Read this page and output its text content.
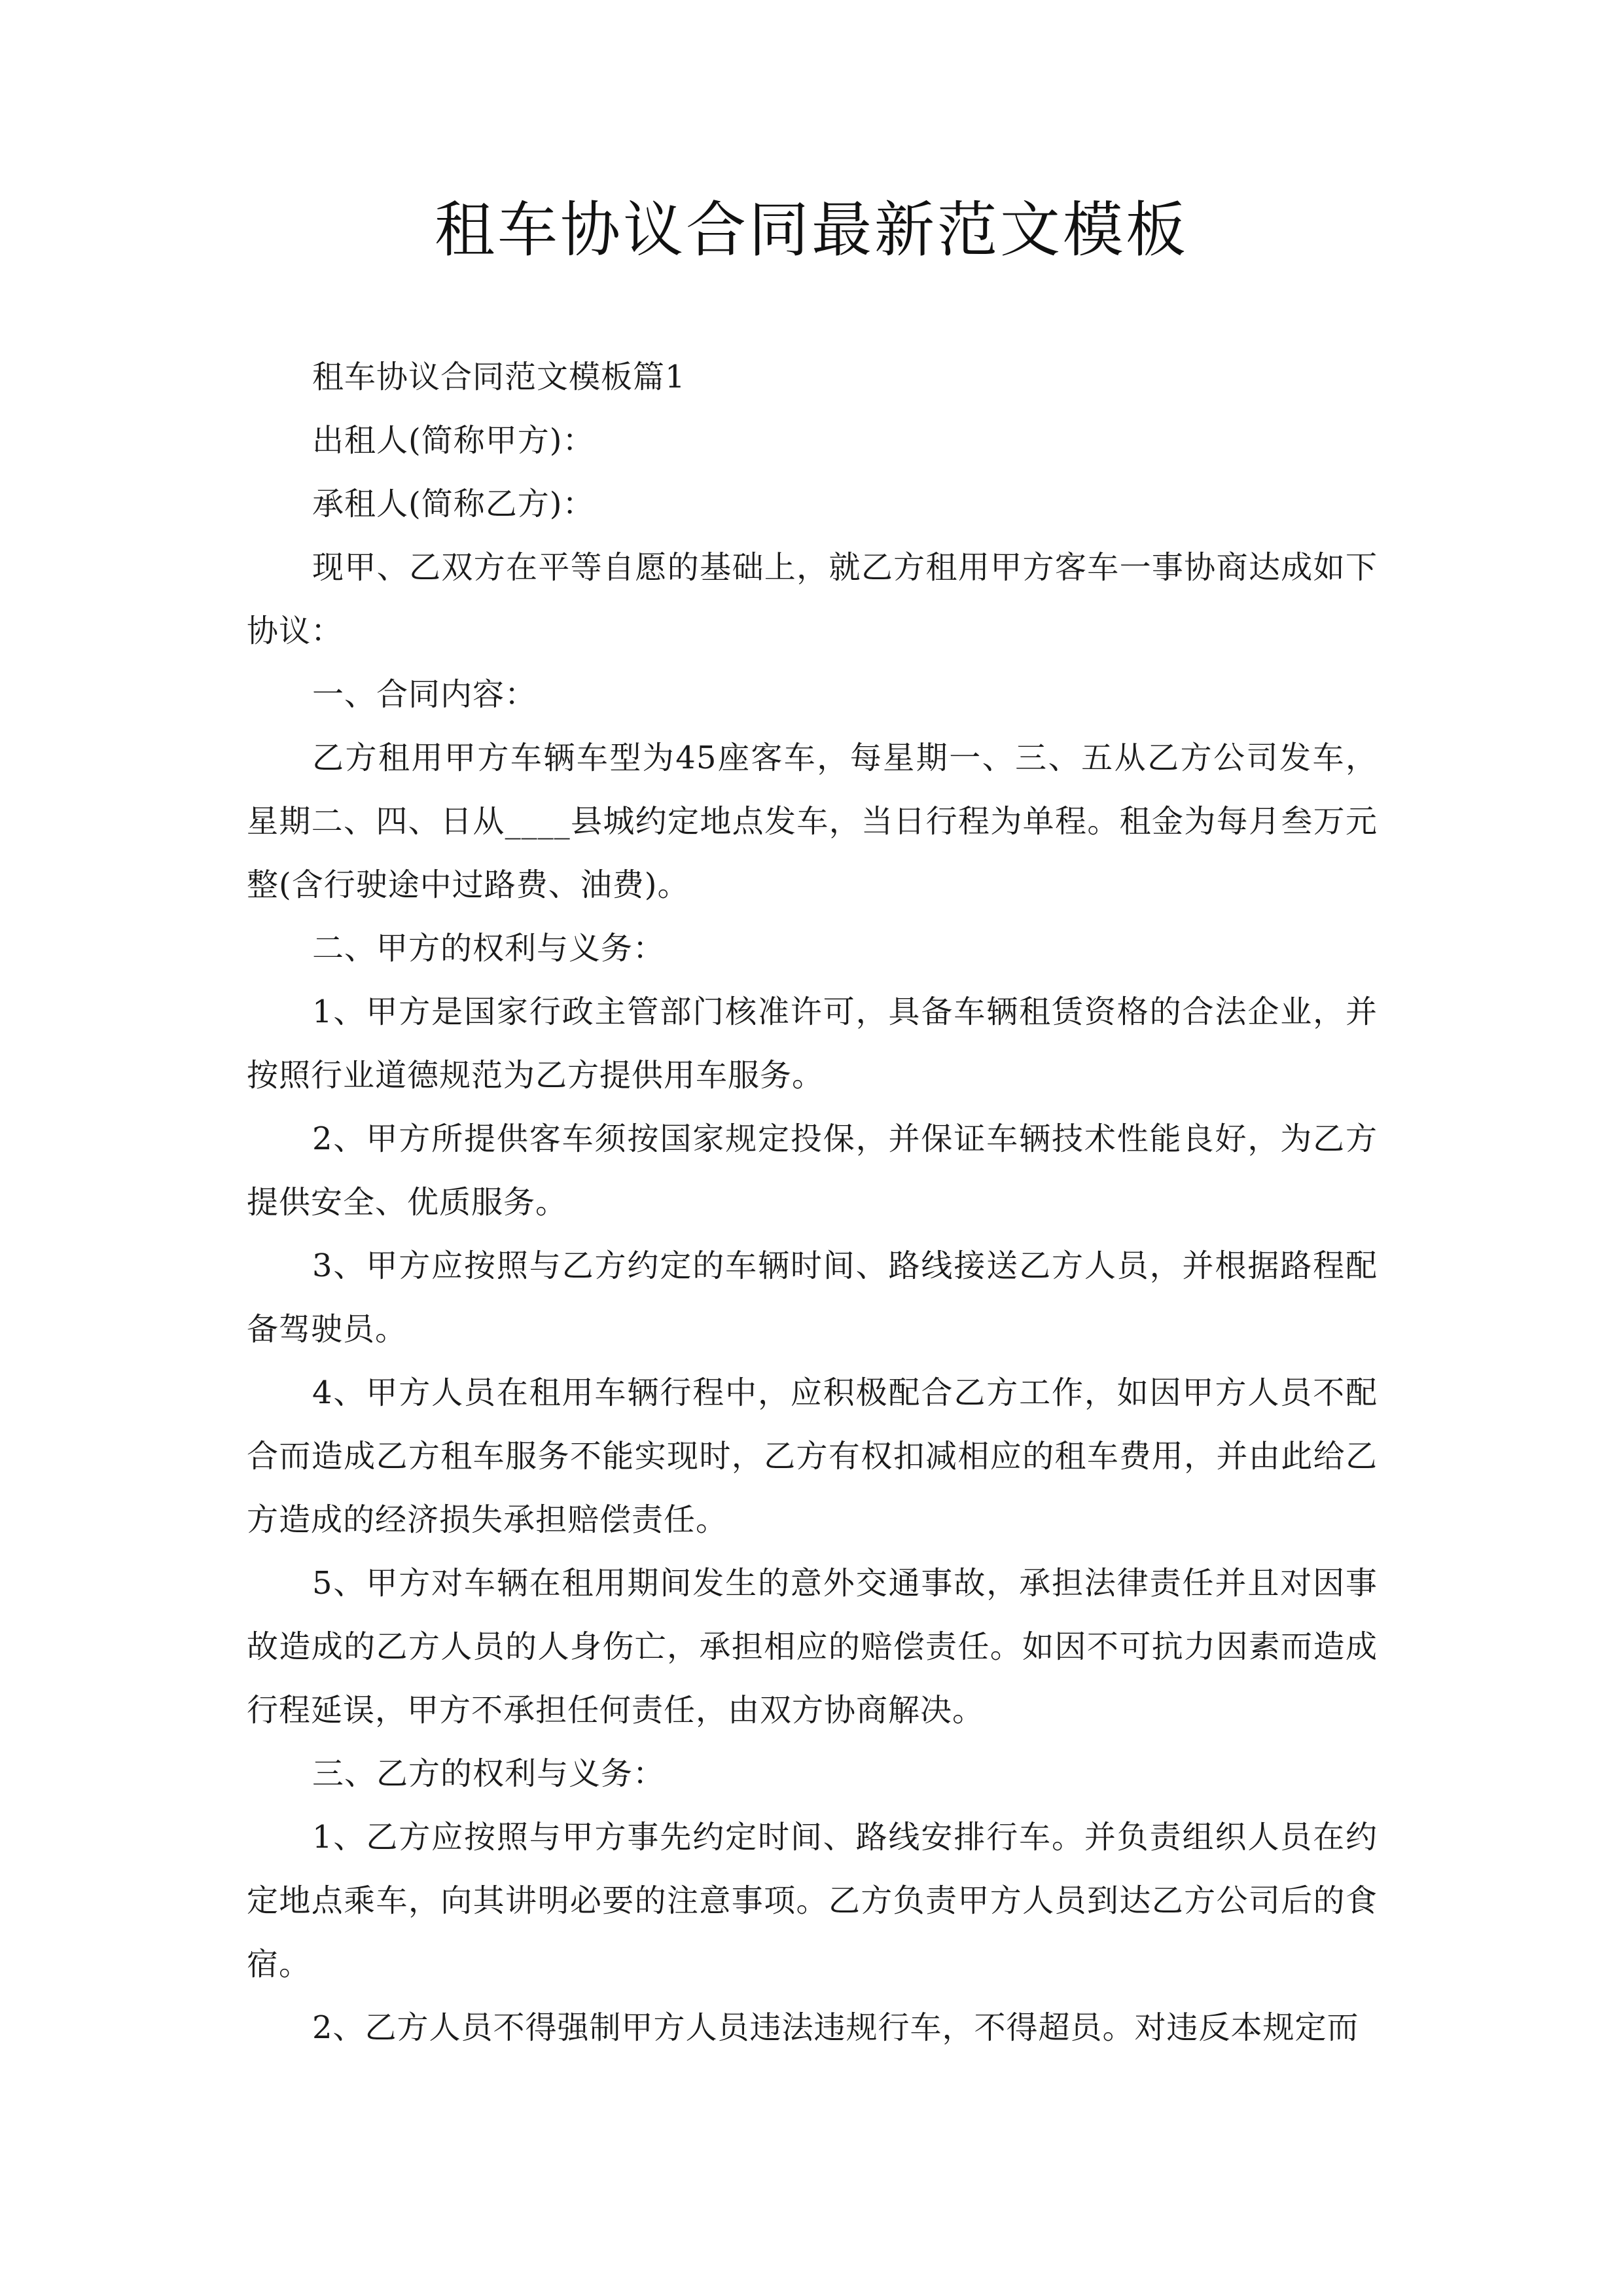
租车协议合同最新范文模板

租车协议合同范文模板篇1

出租人(简称甲方)：

承租人(简称乙方)：

现甲、乙双方在平等自愿的基础上，就乙方租用甲方客车一事协商达成如下协议：

一、合同内容：

乙方租用甲方车辆车型为45座客车，每星期一、三、五从乙方公司发车，星期二、四、日从____县城约定地点发车，当日行程为单程。租金为每月叁万元整(含行驶途中过路费、油费)。

二、甲方的权利与义务：

1、甲方是国家行政主管部门核准许可，具备车辆租赁资格的合法企业，并按照行业道德规范为乙方提供用车服务。

2、甲方所提供客车须按国家规定投保，并保证车辆技术性能良好，为乙方提供安全、优质服务。

3、甲方应按照与乙方约定的车辆时间、路线接送乙方人员，并根据路程配备驾驶员。

4、甲方人员在租用车辆行程中，应积极配合乙方工作，如因甲方人员不配合而造成乙方租车服务不能实现时，乙方有权扣减相应的租车费用，并由此给乙方造成的经济损失承担赔偿责任。

5、甲方对车辆在租用期间发生的意外交通事故，承担法律责任并且对因事故造成的乙方人员的人身伤亡，承担相应的赔偿责任。如因不可抗力因素而造成行程延误，甲方不承担任何责任，由双方协商解决。

三、乙方的权利与义务：

1、乙方应按照与甲方事先约定时间、路线安排行车。并负责组织人员在约定地点乘车，向其讲明必要的注意事项。乙方负责甲方人员到达乙方公司后的食宿。

2、乙方人员不得强制甲方人员违法违规行车，不得超员。对违反本规定而
